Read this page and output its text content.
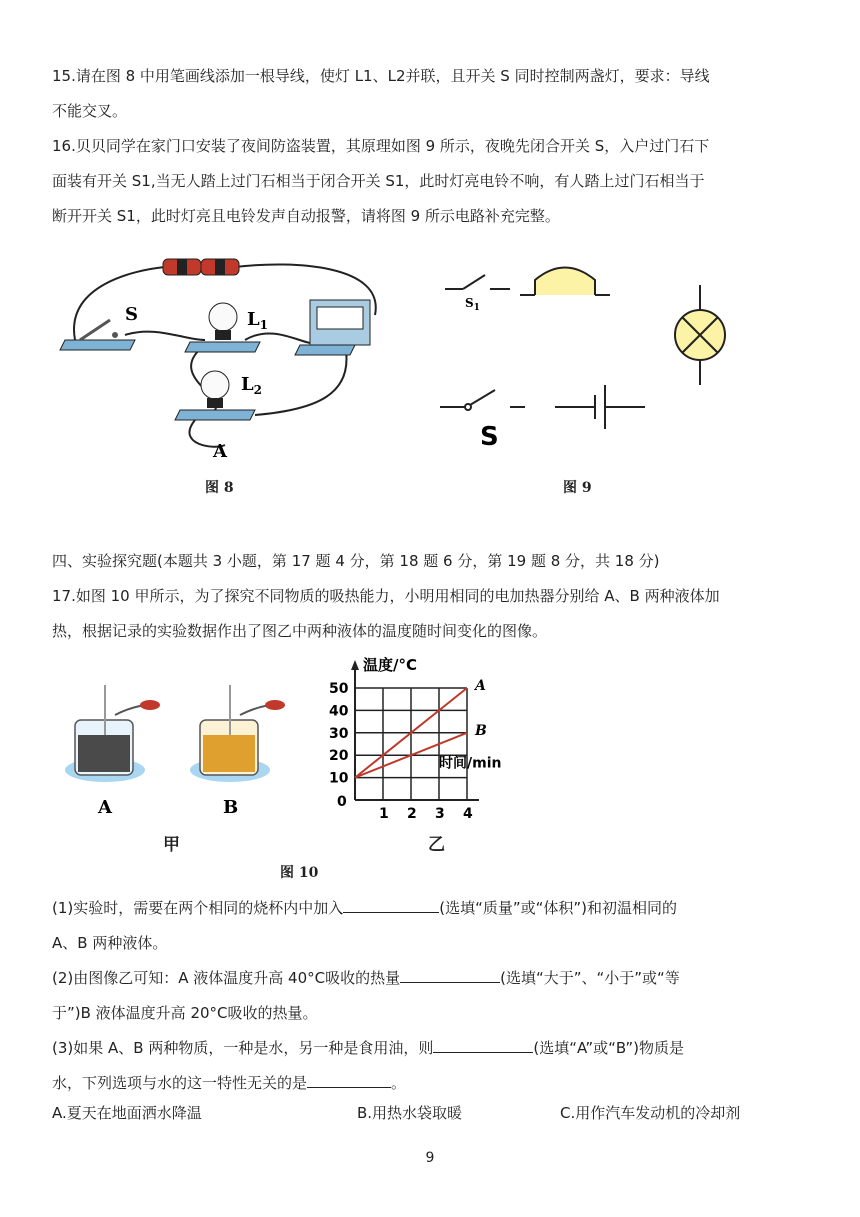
15.请在图 8 中用笔画线添加一根导线，使灯 L1、L2并联，且开关 S 同时控制两盏灯，要求：导线

不能交叉。

16.贝贝同学在家门口安装了夜间防盗装置，其原理如图 9 所示，夜晚先闭合开关 S，入户过门石下

面装有开关 S1,当无人踏上过门石相当于闭合开关 S1，此时灯亮电铃不响，有人踏上过门石相当于

断开开关 S1，此时灯亮且电铃发声自动报警，请将图 9 所示电路补充完整。

S	$L_1$
$L_2$
A
图 8
$S_1$
S
图 9

四、实验探究题(本题共 3 小题，第 17 题 4 分，第 18 题 6 分，第 19 题 8 分，共 18 分)

17.如图 10 甲所示，为了探究不同物质的吸热能力，小明用相同的电加热器分别给 A、B 两种液体加

热，根据记录的实验数据作出了图乙中两种液体的温度随时间变化的图像。

A	B
甲
A
B
1 2 3 4
10
20
30
40
50
0
温度/°C
时间/min
乙
图 10

(1)实验时，需要在两个相同的烧杯内中加入	(选填“质量”或“体积”)和初温相同的

A、B 两种液体。

(2)由图像乙可知：A 液体温度升高 40°C吸收的热量	(选填“大于”、“小于”或“等

于”)B 液体温度升高 20°C吸收的热量。

(3)如果 A、B 两种物质，一种是水，另一种是食用油，则	(选填“A”或“B”)物质是

水，下列选项与水的这一特性无关的是	。

A.夏天在地面洒水降温	B.用热水袋取暖	C.用作汽车发动机的冷却剂
9
